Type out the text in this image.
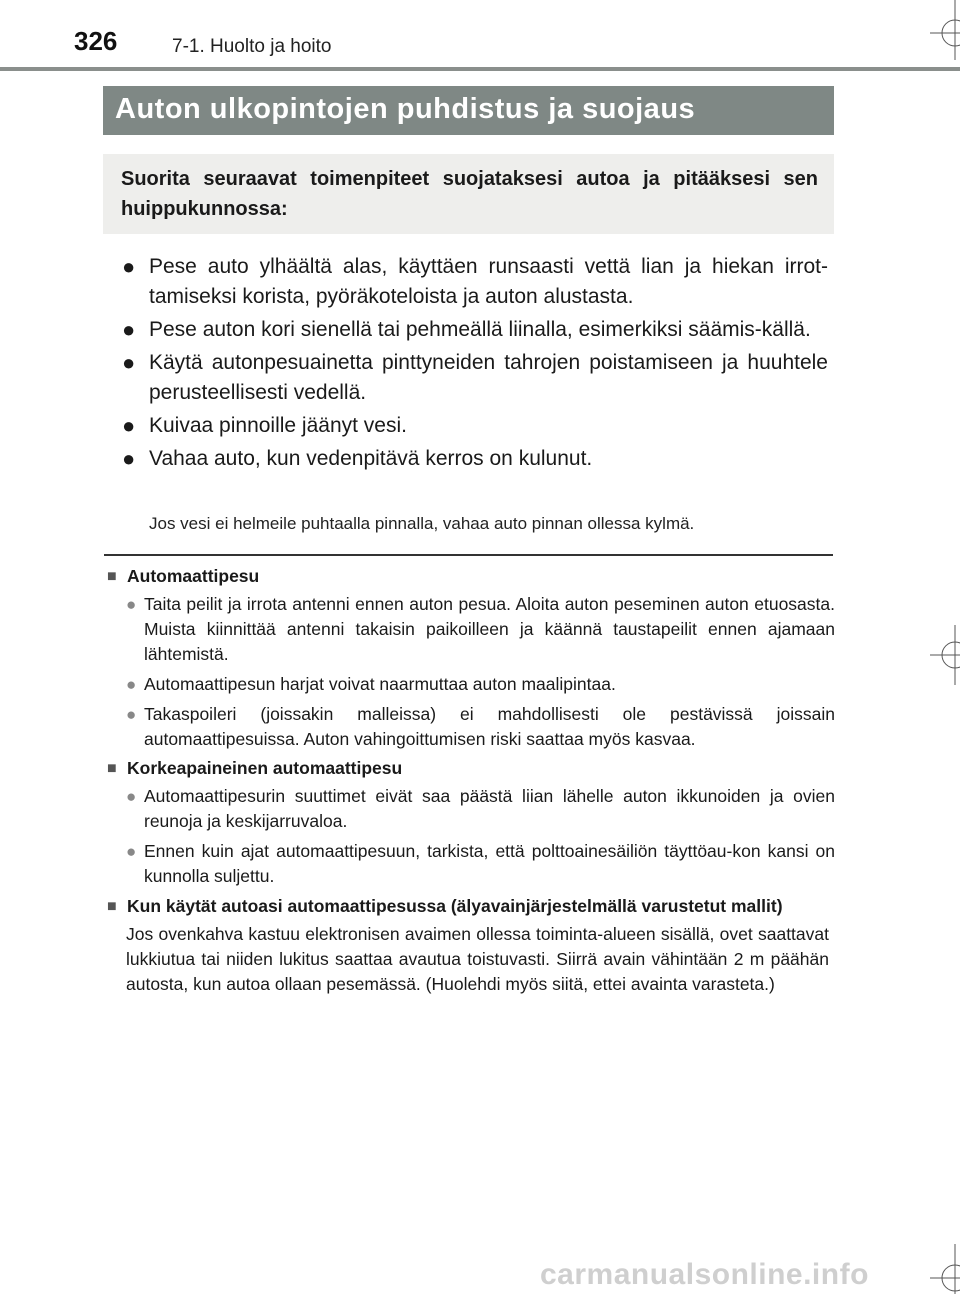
326	7-1. Huolto ja hoito
Auton ulkopintojen puhdistus ja suojaus
Suorita seuraavat toimenpiteet suojataksesi autoa ja pitääksesi sen huippukunnossa:
● Pese auto ylhäältä alas, käyttäen runsaasti vettä lian ja hiekan irrot-tamiseksi korista, pyöräkoteloista ja auton alustasta.
● Pese auton kori sienellä tai pehmeällä liinalla, esimerkiksi säämis-källä.
● Käytä autonpesuainetta pinttyneiden tahrojen poistamiseen ja huuhtele perusteellisesti vedellä.
● Kuivaa pinnoille jäänyt vesi.
● Vahaa auto, kun vedenpitävä kerros on kulunut.
Jos vesi ei helmeile puhtaalla pinnalla, vahaa auto pinnan ollessa kylmä.
■ Automaattipesu
● Taita peilit ja irrota antenni ennen auton pesua. Aloita auton peseminen auton etuosasta. Muista kiinnittää antenni takaisin paikoilleen ja käännä taustapeilit ennen ajamaan lähtemistä.
● Automaattipesun harjat voivat naarmuttaa auton maalipintaa.
● Takaspoileri (joissakin malleissa) ei mahdollisesti ole pestävissä joissain automaattipesuissa. Auton vahingoittumisen riski saattaa myös kasvaa.
■ Korkeapaineinen automaattipesu
● Automaattipesurin suuttimet eivät saa päästä liian lähelle auton ikkunoiden ja ovien reunoja ja keskijarruvaloa.
● Ennen kuin ajat automaattipesuun, tarkista, että polttoainesäiliön täyttöau-kon kansi on kunnolla suljettu.
■ Kun käytät autoasi automaattipesussa (älyavainjärjestelmällä varustetut mallit)
Jos ovenkahva kastuu elektronisen avaimen ollessa toiminta-alueen sisällä, ovet saattavat lukkiutua tai niiden lukitus saattaa avautua toistuvasti. Siirrä avain vähintään 2 m päähän autosta, kun autoa ollaan pesemässä. (Huolehdi myös siitä, ettei avainta varasteta.)
carmanualsonline.info
